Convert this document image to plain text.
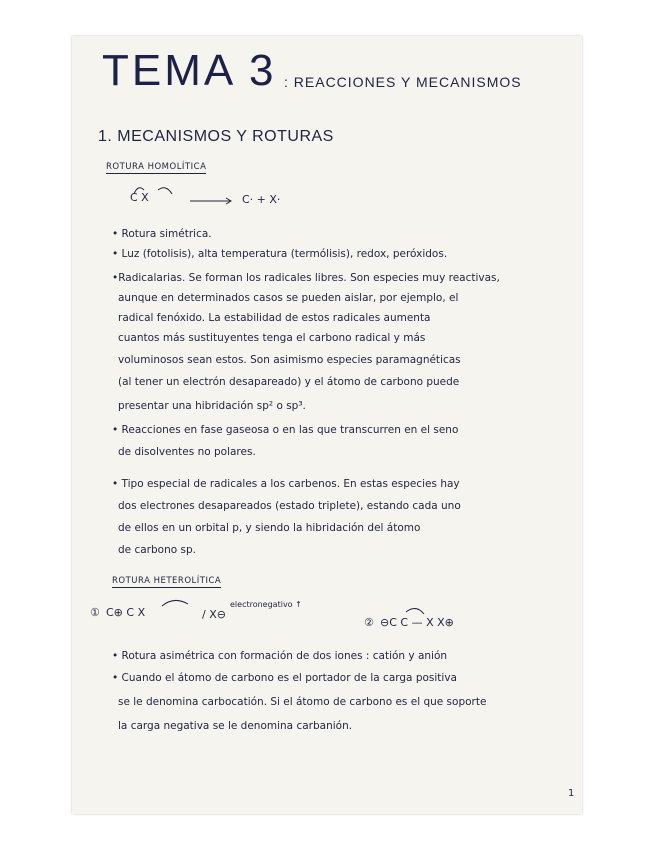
TEMA 3 : REACCIONES Y MECANISMOS
1. MECANISMOS Y ROTURAS
ROTURA HOMOLÍTICA
C X	→ C· + X·
• Rotura simétrica.
• Luz (fotolisis), alta temperatura (termólisis), redox, peróxidos.
•Radicalarias. Se forman los radicales libres. Son especies muy reactivas,
aunque en determinados casos se pueden aislar, por ejemplo, el
radical fenóxido. La estabilidad de estos radicales aumenta
cuantos más sustituyentes tenga el carbono radical y más
voluminosos sean estos. Son asimismo especies paramagnéticas
(al tener un electrón desapareado) y el átomo de carbono puede
presentar una hibridación sp² o sp³.
• Reacciones en fase gaseosa o en las que transcurren en el seno
de disolventes no polares.
• Tipo especial de radicales a los carbenos. En estas especies hay
dos electrones desapareados (estado triplete), estando cada uno
de ellos en un orbital p, y siendo la hibridación del átomo
de carbono sp.
ROTURA HETEROLÍTICA
① C⊕ C X	/ X⊖
electronegativo ↑
② ⊖C C — X X⊕
• Rotura asimétrica con formación de dos iones : catión y anión
• Cuando el átomo de carbono es el portador de la carga positiva
se le denomina carbocatión. Si el átomo de carbono es el que soporte
la carga negativa se le denomina carbanión.
1
